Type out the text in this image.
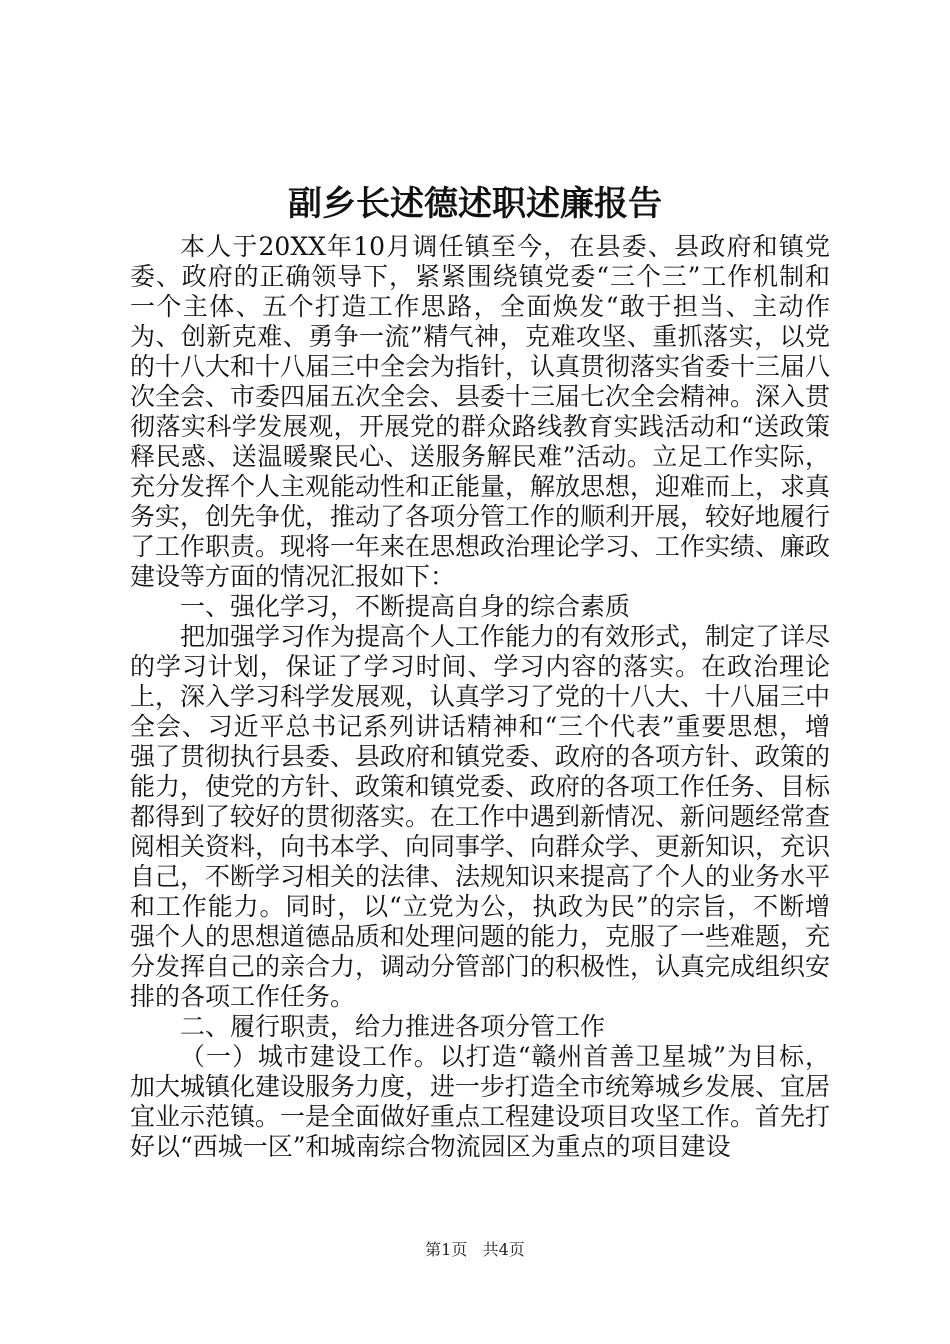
副乡长述德述职述廉报告

本人于20XX年10月调任镇至今，在县委、县政府和镇党委、政府的正确领导下，紧紧围绕镇党委“三个三”工作机制和一个主体、五个打造工作思路，全面焕发“敢于担当、主动作为、创新克难、勇争一流”精气神，克难攻坚、重抓落实，以党的十八大和十八届三中全会为指针，认真贯彻落实省委十三届八次全会、市委四届五次全会、县委十三届七次全会精神。深入贯彻落实科学发展观，开展党的群众路线教育实践活动和“送政策释民惑、送温暖聚民心、送服务解民难”活动。立足工作实际，充分发挥个人主观能动性和正能量，解放思想，迎难而上，求真务实，创先争优，推动了各项分管工作的顺利开展，较好地履行了工作职责。现将一年来在思想政治理论学习、工作实绩、廉政建设等方面的情况汇报如下：

一、强化学习，不断提高自身的综合素质

把加强学习作为提高个人工作能力的有效形式，制定了详尽的学习计划，保证了学习时间、学习内容的落实。在政治理论上，深入学习科学发展观，认真学习了党的十八大、十八届三中全会、习近平总书记系列讲话精神和“三个代表”重要思想，增强了贯彻执行县委、县政府和镇党委、政府的各项方针、政策的能力，使党的方针、政策和镇党委、政府的各项工作任务、目标都得到了较好的贯彻落实。在工作中遇到新情况、新问题经常查阅相关资料，向书本学、向同事学、向群众学、更新知识，充识自己，不断学习相关的法律、法规知识来提高了个人的业务水平和工作能力。同时，以“立党为公，执政为民”的宗旨，不断增强个人的思想道德品质和处理问题的能力，克服了一些难题，充分发挥自己的亲合力，调动分管部门的积极性，认真完成组织安排的各项工作任务。

二、履行职责，给力推进各项分管工作

（一）城市建设工作。以打造“赣州首善卫星城”为目标，加大城镇化建设服务力度，进一步打造全市统筹城乡发展、宜居宜业示范镇。一是全面做好重点工程建设项目攻坚工作。首先打好以“西城一区”和城南综合物流园区为重点的项目建设

第1页 共4页
